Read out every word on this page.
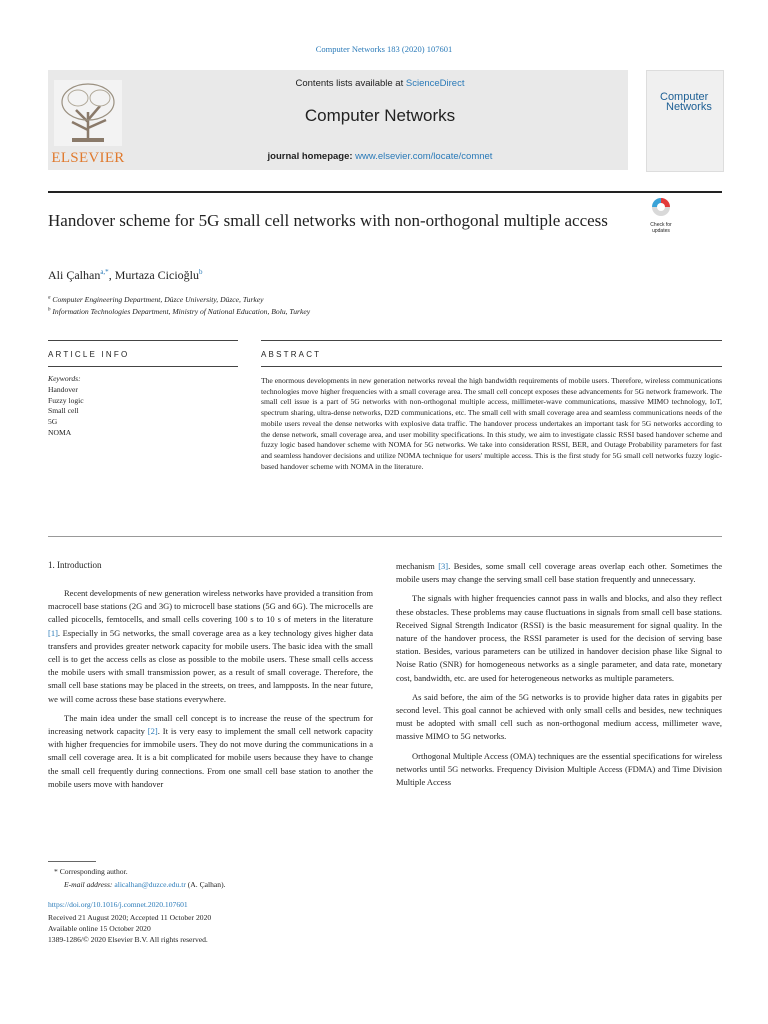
Computer Networks 183 (2020) 107601
ELSEVIER
Contents lists available at ScienceDirect
Computer Networks
journal homepage: www.elsevier.com/locate/comnet
Computer
Networks
Handover scheme for 5G small cell networks with non-orthogonal multiple access	Check for
updates
Ali Çalhan$^{a,*}$, Murtaza Cicioğlu$^b$
$^a$ Computer Engineering Department, Düzce University, Düzce, Turkey
$^b$ Information Technologies Department, Ministry of National Education, Bolu, Turkey
ARTICLE INFO
Keywords:
Handover
Fuzzy logic
Small cell
5G
NOMA
ABSTRACT
The enormous developments in new generation networks reveal the high bandwidth requirements of mobile users. Therefore, wireless communications technologies move higher frequencies with a small coverage area. The small cell concept exposes these advancements for 5G network framework. The small cell issue is a part of 5G networks with non-orthogonal multiple access, millimeter-wave communications, massive MIMO technology, IoT, spectrum sharing, ultra-dense networks, D2D communications, etc. The small cell with small coverage area and seamless communications needs of the mobile users reveal the dense networks with explosive data traffic. The handover process undertakes an important task for 5G networks according to the dense network, small coverage area, and user mobility specifications. In this study, we aim to investigate classic RSSI based handover scheme and fuzzy logic based handover scheme with NOMA for 5G networks. We take into consideration RSSI, BER, and Outage Probability parameters for fast and seamless handover decisions and utilize NOMA technique for users' multiple access. This is the first study for 5G small cell networks fuzzy logic-based handover scheme with NOMA in the literature.
1. Introduction

Recent developments of new generation wireless networks have provided a transition from macrocell base stations (2G and 3G) to microcell base stations (5G and 6G). The microcells are called picocells, femtocells, and small cells covering 100 s to 10 s of meters in the literature [1]. Especially in 5G networks, the small coverage area as a key technology gives higher data transfers and provides greater network capacity for mobile users. The basic idea with the small cell is to get the access cells as close as possible to the mobile users. These small cells access the mobile users with small transmission power, as a result of small coverage. Therefore, the small cell base stations may be placed in the streets, on trees, and lampposts. In the near future, we will come across these base stations everywhere.

The main idea under the small cell concept is to increase the reuse of the spectrum for increasing network capacity [2]. It is very easy to implement the small cell network capacity with higher frequencies for immobile users. They do not move during the communications in a small cell coverage area. It is a bit complicated for mobile users because they have to change the small cell frequently during connections. From one small cell base station to another the mobile users move with handover

mechanism [3]. Besides, some small cell coverage areas overlap each other. Sometimes the mobile users may change the serving small cell base station frequently and unnecessary.

The signals with higher frequencies cannot pass in walls and blocks, and also they reflect these obstacles. These problems may cause fluctuations in signals from small cell base stations. Received Signal Strength Indicator (RSSI) is the basic measurement for signal quality. In the nature of the handover process, the RSSI parameter is used for the decision of serving base station. Besides, various parameters can be utilized in handover decision phase like Signal to Noise Ratio (SNR) for homogeneous networks as a single parameter, and data rate, monetary cost, bandwidth, etc. are used for heterogeneous networks as multiple parameters.

As said before, the aim of the 5G networks is to provide higher data rates in gigabits per second level. This goal cannot be achieved with only small cells and besides, new techniques must be adopted with small cell such as non-orthogonal medium access, millimeter wave, massive MIMO to 5G networks.

Orthogonal Multiple Access (OMA) techniques are the essential specifications for wireless networks until 5G networks. Frequency Division Multiple Access (FDMA) and Time Division Multiple Access

* Corresponding author.
E-mail address: alicalhan@duzce.edu.tr (A. Çalhan).
https://doi.org/10.1016/j.comnet.2020.107601
Received 21 August 2020; Accepted 11 October 2020
Available online 15 October 2020
1389-1286/© 2020 Elsevier B.V. All rights reserved.
